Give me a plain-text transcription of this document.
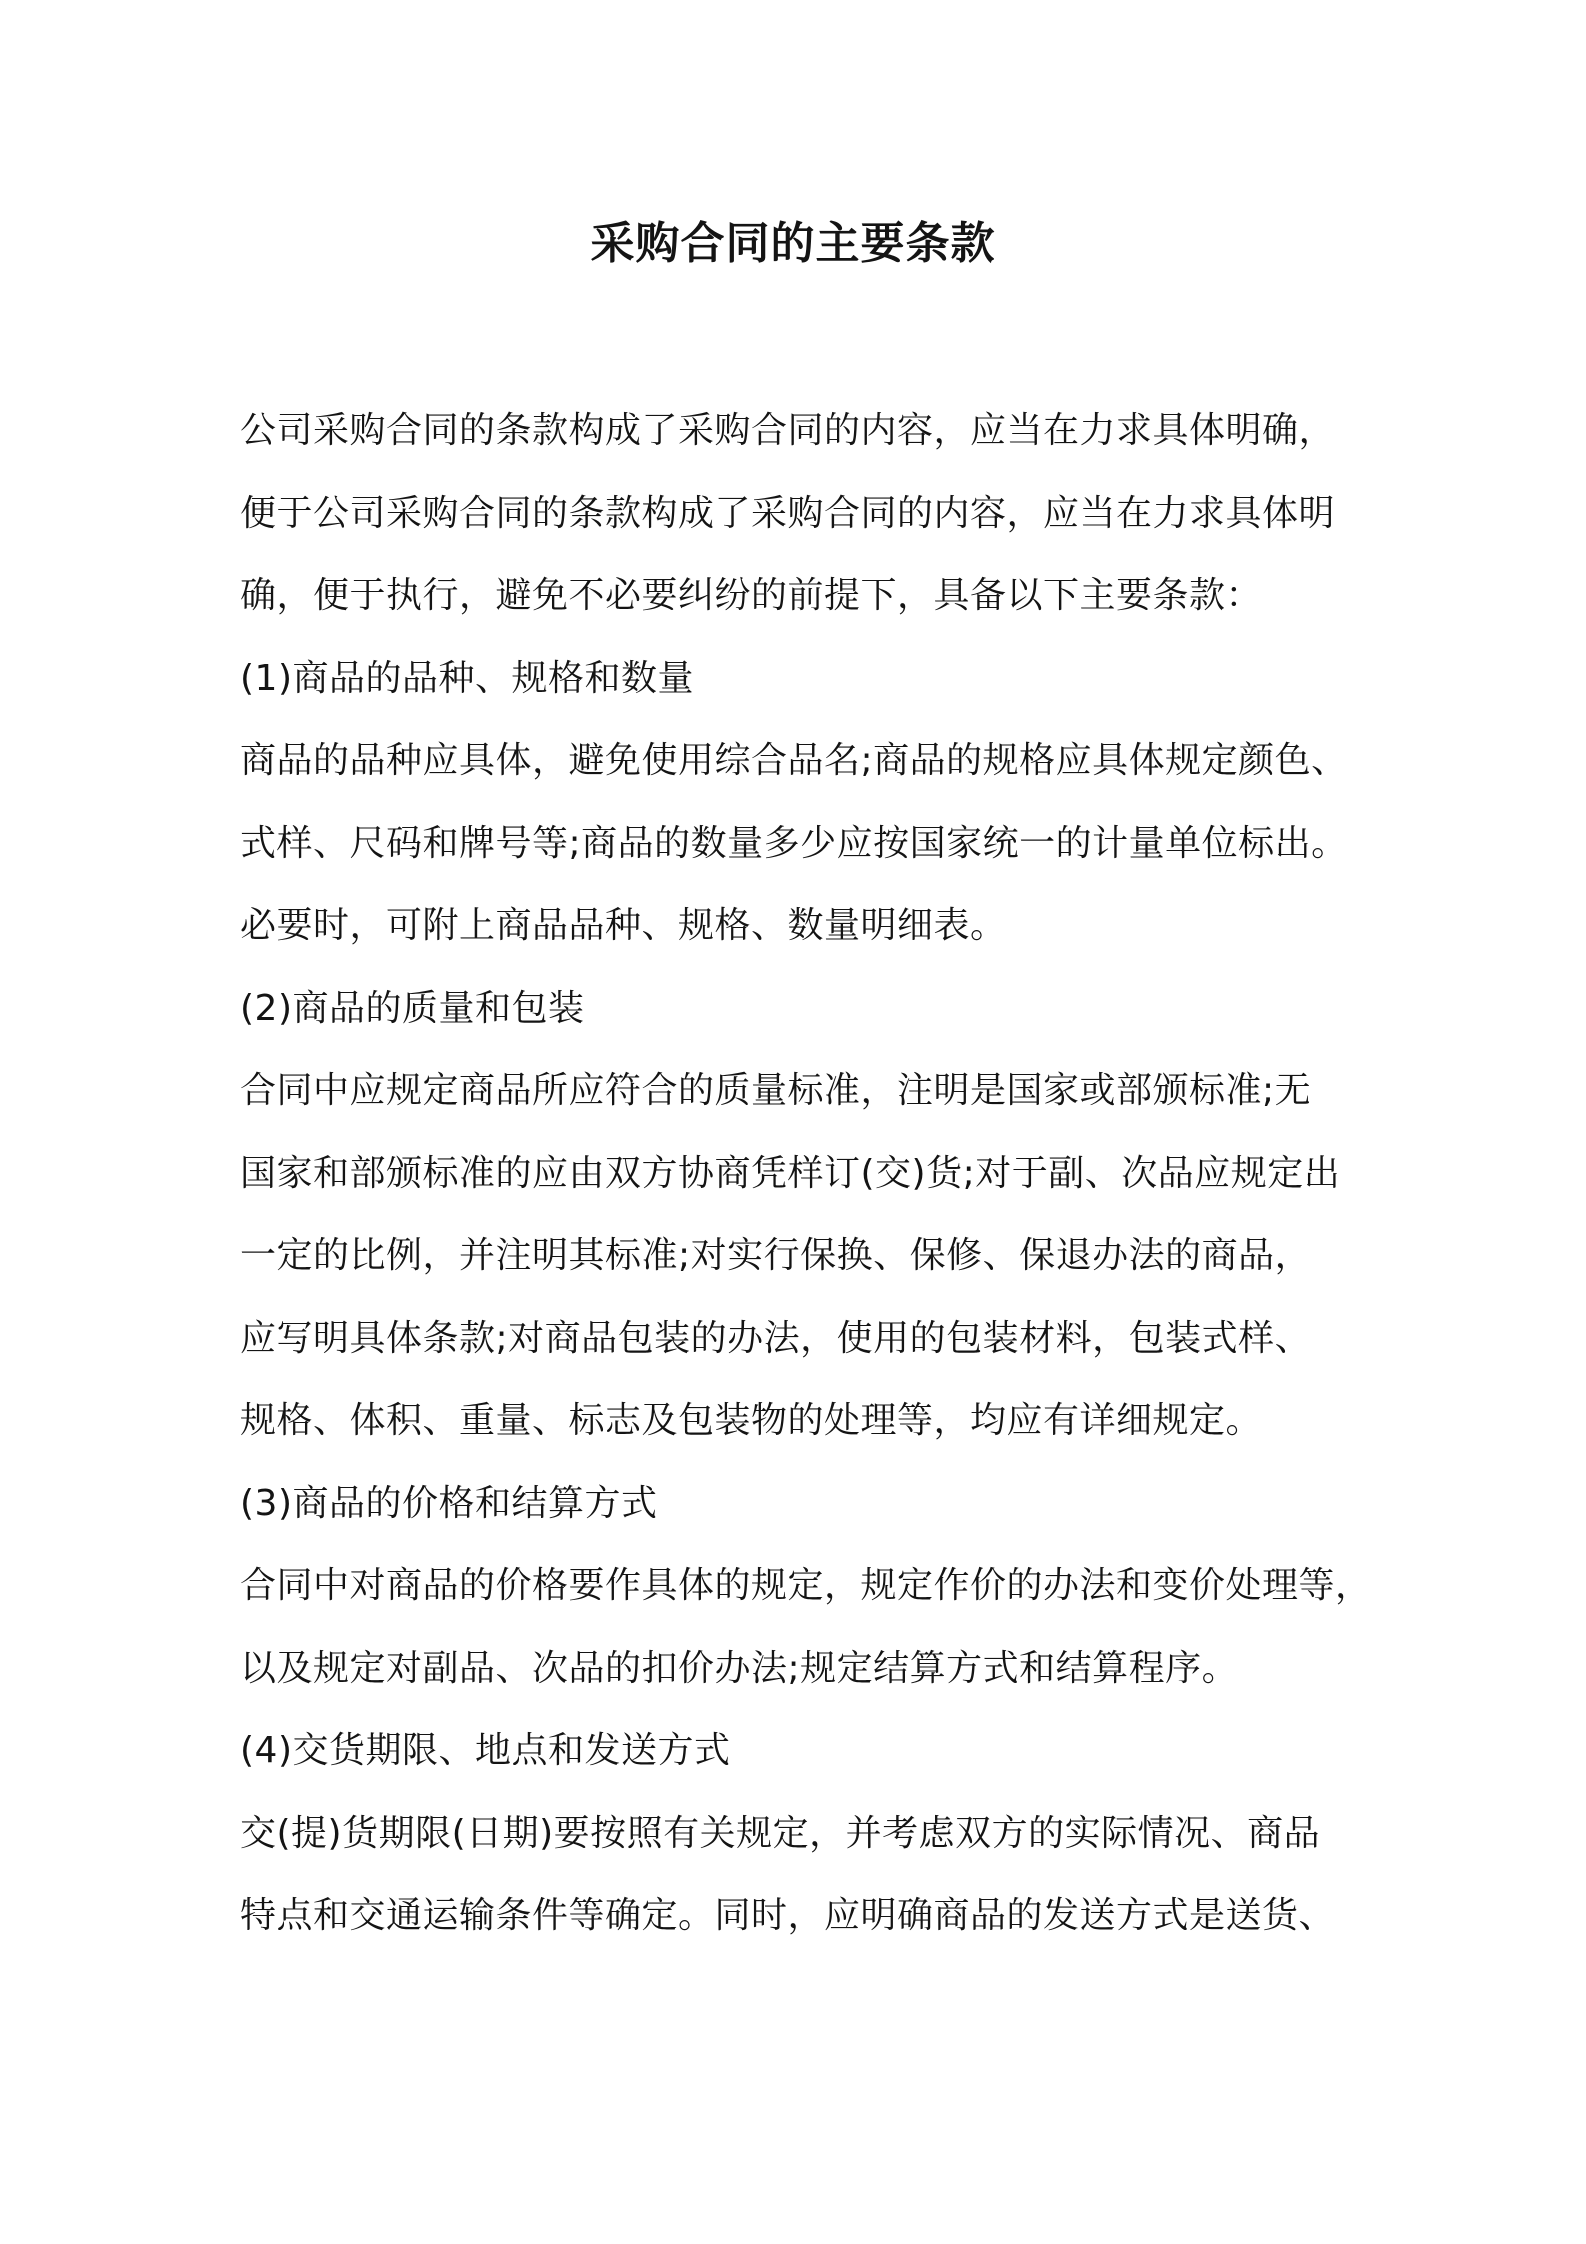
采购合同的主要条款
公司采购合同的条款构成了采购合同的内容，应当在力求具体明确，
便于公司采购合同的条款构成了采购合同的内容，应当在力求具体明
确，便于执行，避免不必要纠纷的前提下，具备以下主要条款：
(1)商品的品种、规格和数量
商品的品种应具体，避免使用综合品名;商品的规格应具体规定颜色、
式样、尺码和牌号等;商品的数量多少应按国家统一的计量单位标出。
必要时，可附上商品品种、规格、数量明细表。
(2)商品的质量和包装
合同中应规定商品所应符合的质量标准，注明是国家或部颁标准;无
国家和部颁标准的应由双方协商凭样订(交)货;对于副、次品应规定出
一定的比例，并注明其标准;对实行保换、保修、保退办法的商品，
应写明具体条款;对商品包装的办法，使用的包装材料，包装式样、
规格、体积、重量、标志及包装物的处理等，均应有详细规定。
(3)商品的价格和结算方式
合同中对商品的价格要作具体的规定，规定作价的办法和变价处理等，
以及规定对副品、次品的扣价办法;规定结算方式和结算程序。
(4)交货期限、地点和发送方式
交(提)货期限(日期)要按照有关规定，并考虑双方的实际情况、商品
特点和交通运输条件等确定。同时，应明确商品的发送方式是送货、
